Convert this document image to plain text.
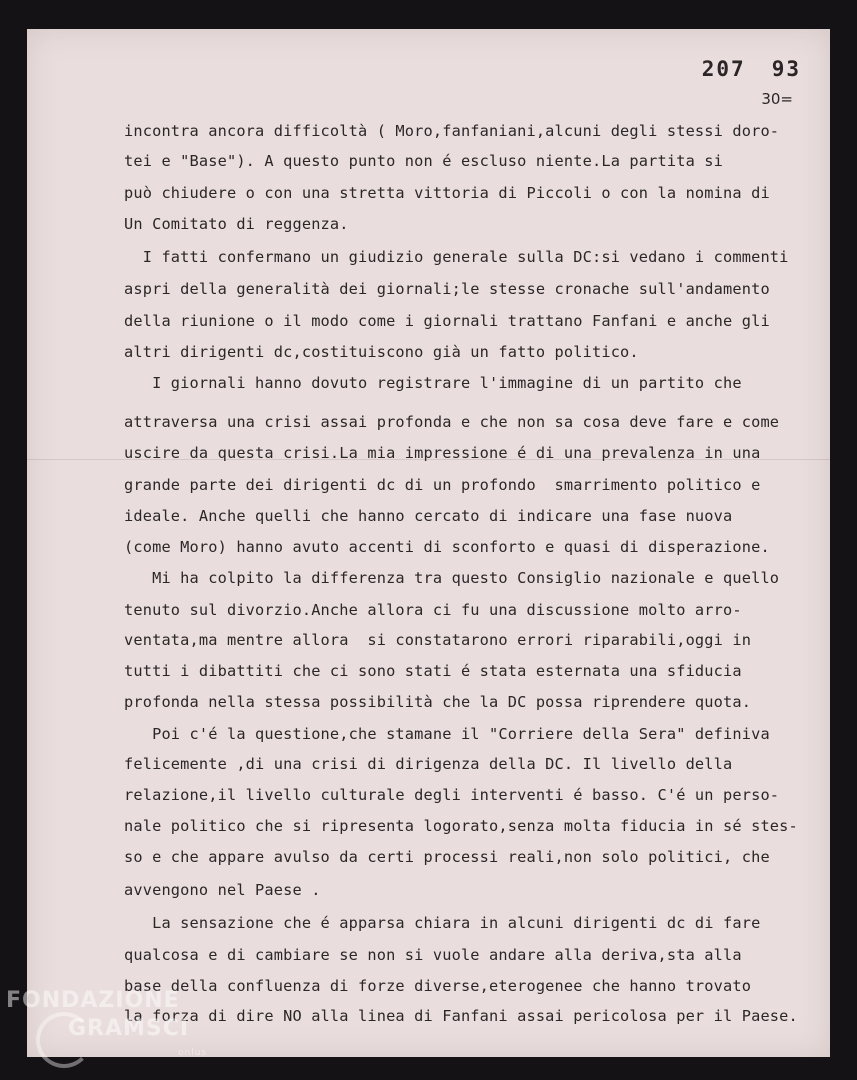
207 93
30=
incontra ancora difficoltà ( Moro,fanfaniani,alcuni degli stessi doro-
tei e "Base"). A questo punto non é escluso niente.La partita si
può chiudere o con una stretta vittoria di Piccoli o con la nomina di
Un Comitato di reggenza.
I fatti confermano un giudizio generale sulla DC:si vedano i commenti
aspri della generalità dei giornali;le stesse cronache sull'andamento
della riunione o il modo come i giornali trattano Fanfani e anche gli
altri dirigenti dc,costituiscono già un fatto politico.
I giornali hanno dovuto registrare l'immagine di un partito che
attraversa una crisi assai profonda e che non sa cosa deve fare e come
uscire da questa crisi.La mia impressione é di una prevalenza in una
grande parte dei dirigenti dc di un profondo  smarrimento politico e
ideale. Anche quelli che hanno cercato di indicare una fase nuova
(come Moro) hanno avuto accenti di sconforto e quasi di disperazione.
Mi ha colpito la differenza tra questo Consiglio nazionale e quello
tenuto sul divorzio.Anche allora ci fu una discussione molto arro-
ventata,ma mentre allora  si constatarono errori riparabili,oggi in
tutti i dibattiti che ci sono stati é stata esternata una sfiducia
profonda nella stessa possibilità che la DC possa riprendere quota.
Poi c'é la questione,che stamane il "Corriere della Sera" definiva
felicemente ,di una crisi di dirigenza della DC. Il livello della
relazione,il livello culturale degli interventi é basso. C'é un perso-
nale politico che si ripresenta logorato,senza molta fiducia in sé stes-
so e che appare avulso da certi processi reali,non solo politici, che
avvengono nel Paese .
La sensazione che é apparsa chiara in alcuni dirigenti dc di fare
qualcosa e di cambiare se non si vuole andare alla deriva,sta alla
base della confluenza di forze diverse,eterogenee che hanno trovato
la forza di dire NO alla linea di Fanfani assai pericolosa per il Paese.
FONDAZIONE
GRAMSCI
onlus
